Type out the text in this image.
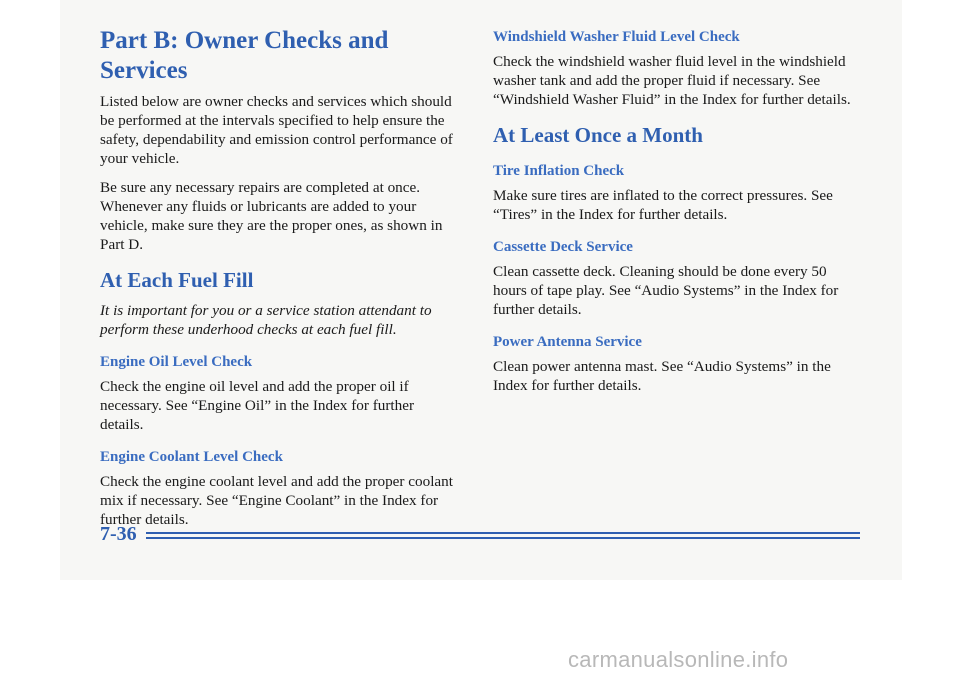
Part B: Owner Checks and Services

Listed below are owner checks and services which should be performed at the intervals specified to help ensure the safety, dependability and emission control performance of your vehicle.

Be sure any necessary repairs are completed at once. Whenever any fluids or lubricants are added to your vehicle, make sure they are the proper ones, as shown in Part D.

At Each Fuel Fill

It is important for you or a service station attendant to perform these underhood checks at each fuel fill.

Engine Oil Level Check

Check the engine oil level and add the proper oil if necessary. See “Engine Oil” in the Index for further details.

Engine Coolant Level Check

Check the engine coolant level and add the proper coolant mix if necessary. See “Engine Coolant” in the Index for further details.

Windshield Washer Fluid Level Check

Check the windshield washer fluid level in the windshield washer tank and add the proper fluid if necessary. See “Windshield Washer Fluid” in the Index for further details.

At Least Once a Month
Tire Inflation Check

Make sure tires are inflated to the correct pressures. See “Tires” in the Index for further details.

Cassette Deck Service

Clean cassette deck. Cleaning should be done every 50 hours of tape play. See “Audio Systems” in the Index for further details.

Power Antenna Service

Clean power antenna mast. See “Audio Systems” in the Index for further details.

7-36
carmanualsonline.info
